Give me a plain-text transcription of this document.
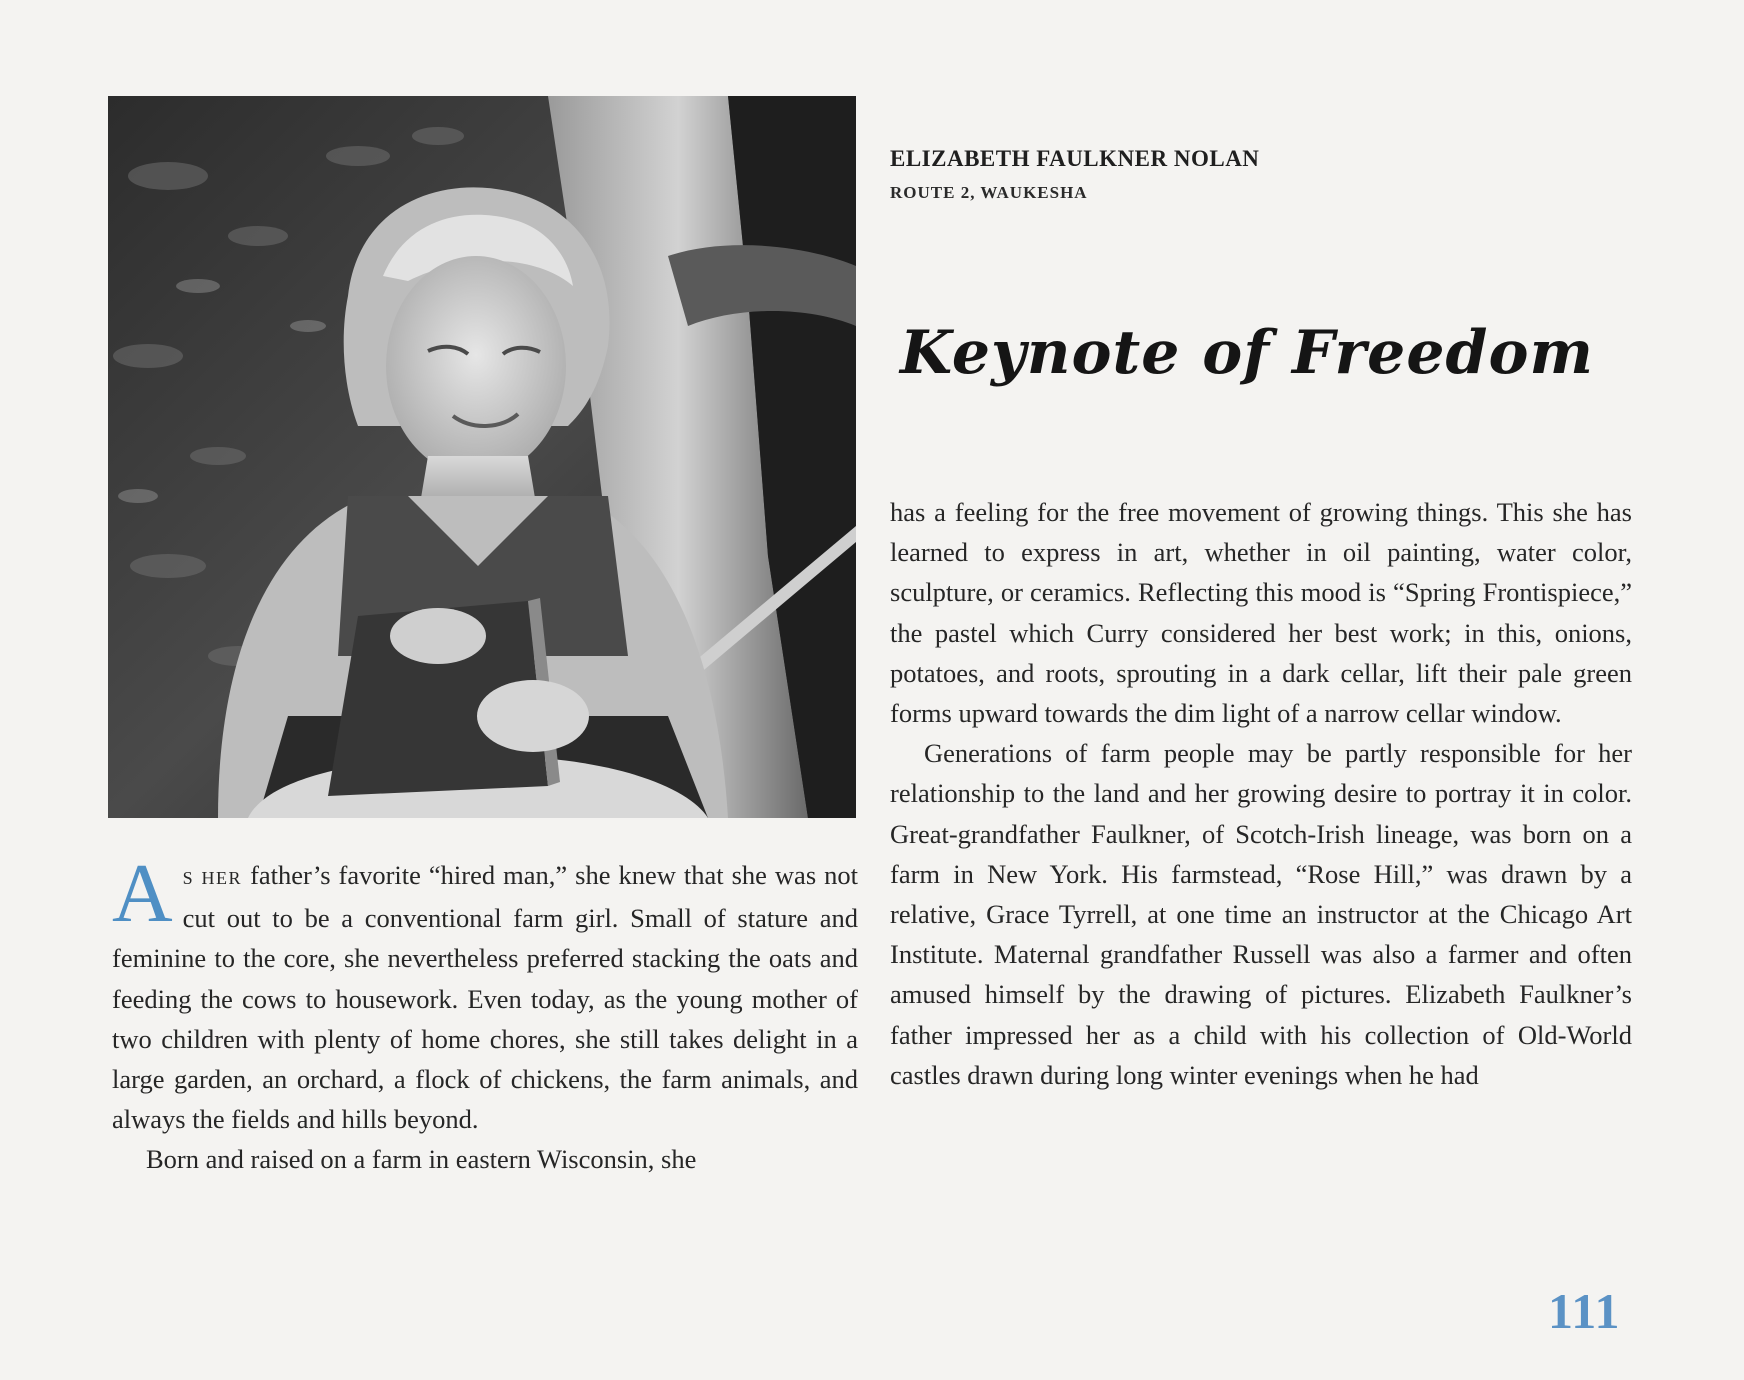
ELIZABETH FAULKNER NOLAN
ROUTE 2, WAUKESHA
Keynote of Freedom

AS HER father’s favorite “hired man,” she knew that she was not cut out to be a conventional farm girl. Small of stature and feminine to the core, she nevertheless preferred stacking the oats and feeding the cows to housework. Even today, as the young mother of two children with plenty of home chores, she still takes delight in a large garden, an orchard, a flock of chickens, the farm animals, and always the fields and hills beyond.

Born and raised on a farm in eastern Wisconsin, she

has a feeling for the free movement of growing things. This she has learned to express in art, whether in oil painting, water color, sculpture, or ceramics. Reflecting this mood is “Spring Frontispiece,” the pastel which Curry considered her best work; in this, onions, potatoes, and roots, sprouting in a dark cellar, lift their pale green forms upward towards the dim light of a narrow cellar window.

Generations of farm people may be partly responsible for her relationship to the land and her growing desire to portray it in color. Great-grandfather Faulkner, of Scotch-Irish lineage, was born on a farm in New York. His farmstead, “Rose Hill,” was drawn by a relative, Grace Tyrrell, at one time an instructor at the Chicago Art Institute. Maternal grandfather Russell was also a farmer and often amused himself by the drawing of pictures. Elizabeth Faulkner’s father impressed her as a child with his collection of Old-World castles drawn during long winter evenings when he had

111
